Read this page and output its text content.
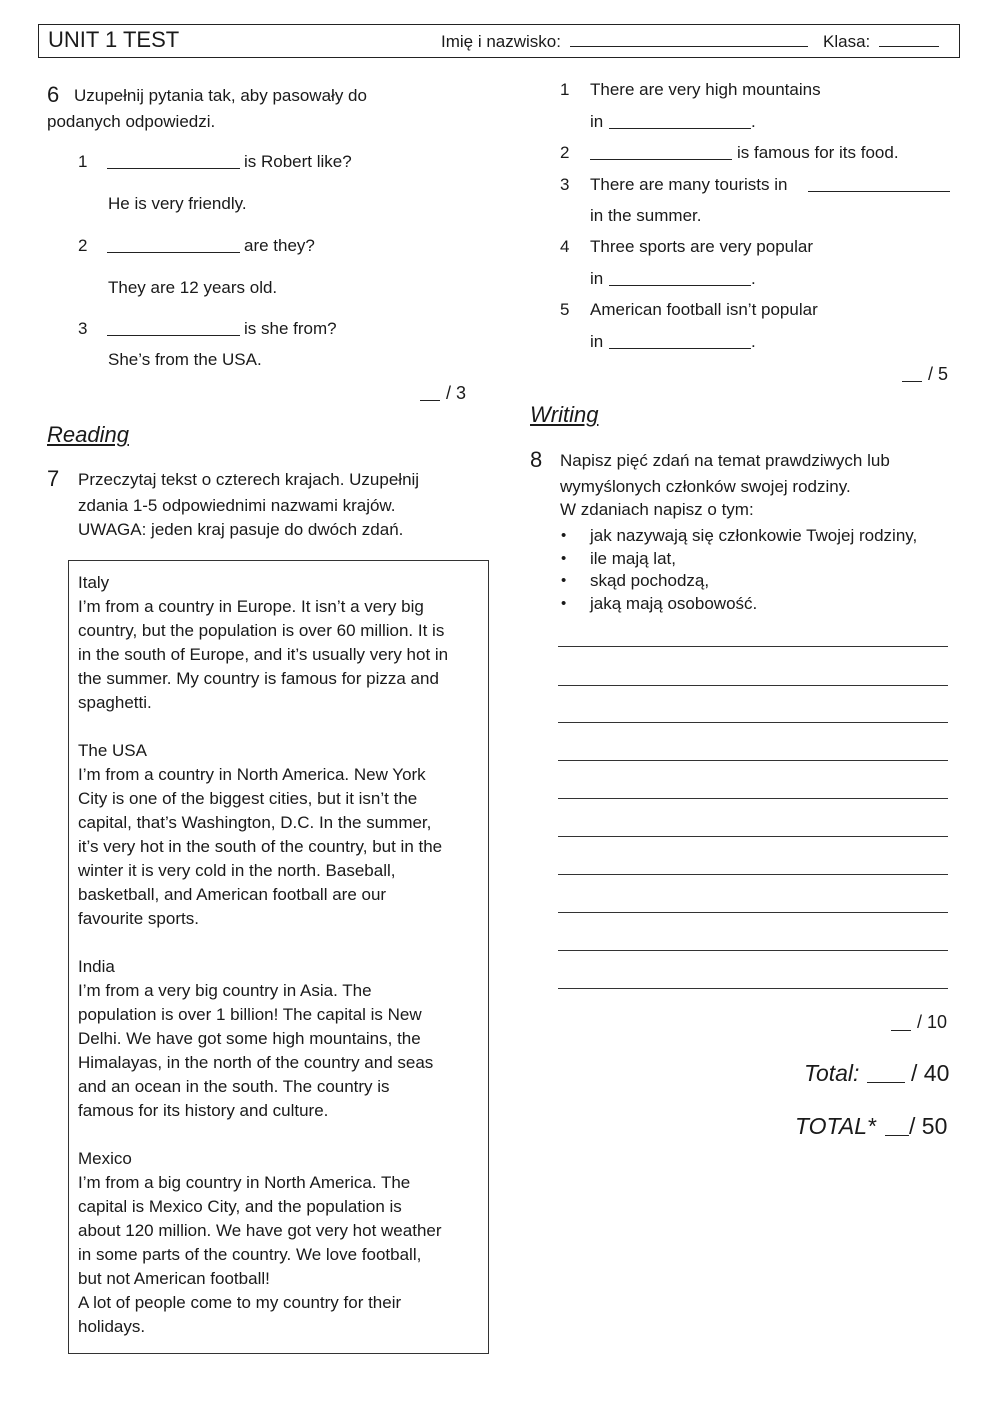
UNIT 1 TEST	Imię i nazwisko:	Klasa:
6 Uzupełnij pytania tak, aby pasowały do
podanych odpowiedzi.
1	is Robert like?
He is very friendly.
2	are they?
They are 12 years old.
3	is she from?
She’s from the USA.
/ 3
Reading
7 Przeczytaj tekst o czterech krajach. Uzupełnij
zdania 1-5 odpowiednimi nazwami krajów.
UWAGA: jeden kraj pasuje do dwóch zdań.

Italy

I’m from a country in Europe. It isn’t a very big

country, but the population is over 60 million. It is

in the south of Europe, and it’s usually very hot in

the summer. My country is famous for pizza and

spaghetti.

The USA

I’m from a country in North America. New York

City is one of the biggest cities, but it isn’t the

capital, that’s Washington, D.C. In the summer,

it’s very hot in the south of the country, but in the

winter it is very cold in the north. Baseball,

basketball, and American football are our

favourite sports.

India

I’m from a very big country in Asia. The

population is over 1 billion! The capital is New

Delhi. We have got some high mountains, the

Himalayas, in the north of the country and seas

and an ocean in the south. The country is

famous for its history and culture.

Mexico

I’m from a big country in North America. The

capital is Mexico City, and the population is

about 120 million. We have got very hot weather

in some parts of the country. We love football,

but not American football!

A lot of people come to my country for their

holidays.

1 There are very high mountains
in	.
2	is famous for its food.
3 There are many tourists in
in the summer.
4 Three sports are very popular
in	.
5 American football isn’t popular
in	.
/ 5
Writing
8 Napisz pięć zdań na temat prawdziwych lub
wymyślonych członków swojej rodziny.
W zdaniach napisz o tym:
• jak nazywają się członkowie Twojej rodziny,
• ile mają lat,
• skąd pochodzą,
• jaką mają osobowość.
/ 10
Total: / 40
TOTAL* / 50
